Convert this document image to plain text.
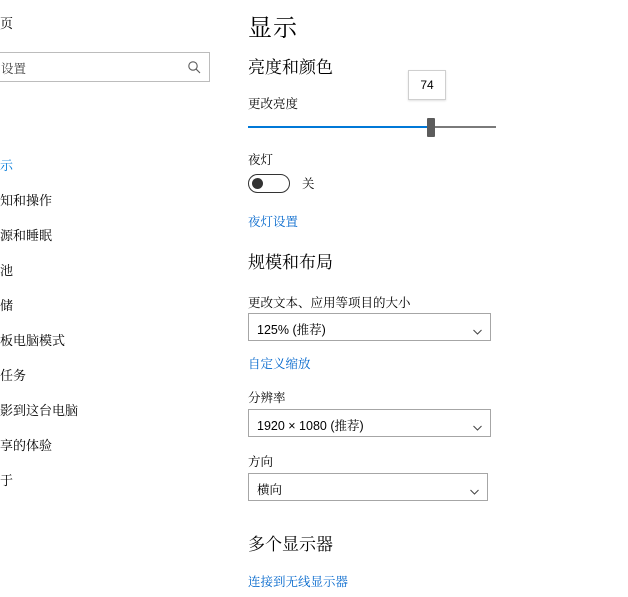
页
设置
示
知和操作
源和睡眠
池
储
板电脑模式
任务
影到这台电脑
享的体验
于
显示
亮度和颜色
更改亮度
74
夜灯
关
夜灯设置
规模和布局
更改文本、应用等项目的大小
125% (推荐)
自定义缩放
分辨率
1920 × 1080 (推荐)
方向
横向
多个显示器
连接到无线显示器
